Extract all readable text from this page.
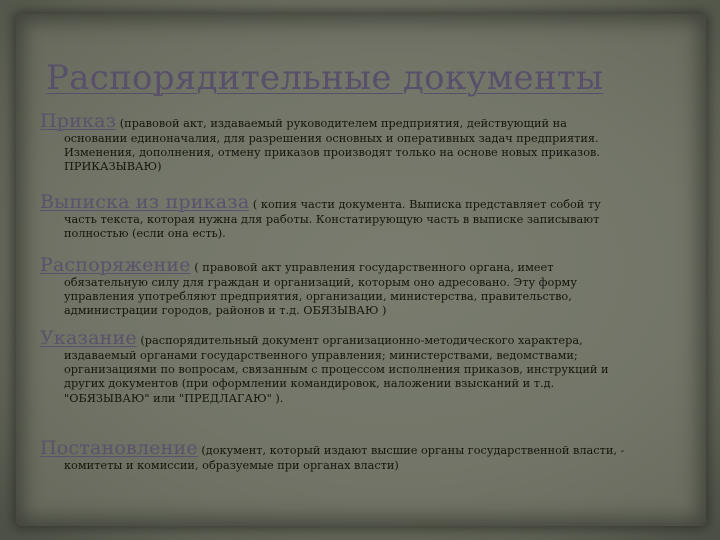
Распорядительные документы

Приказ (правовой акт, издаваемый руководителем предприятия, действующий на

основании единоначалия, для разрешения основных и оперативных задач предприятия.
Изменения, дополнения, отмену приказов производят только на основе новых приказов.
ПРИКАЗЫВАЮ)

Выписка из приказа ( копия части документа. Выписка представляет собой ту

часть текста, которая нужна для работы. Констатирующую часть в выписке записывают
полностью (если она есть).

Распоряжение ( правовой акт управления государственного органа, имеет

обязательную силу для граждан и организаций, которым оно адресовано. Эту форму
управления употребляют предприятия, организации, министерства, правительство,
администрации городов, районов и т.д. ОБЯЗЫВАЮ )

Указание (распорядительный документ организационно-методического характера,

издаваемый органами государственного управления; министерствами, ведомствами;
организациями по вопросам, связанным с процессом исполнения приказов, инструкций и
других документов (при оформлении командировок, наложении взысканий и т.д.
"ОБЯЗЫВАЮ" или "ПРЕДЛАГАЮ" ).

Постановление (документ, который издают высшие органы государственной власти, -

комитеты и комиссии, образуемые при органах власти)
